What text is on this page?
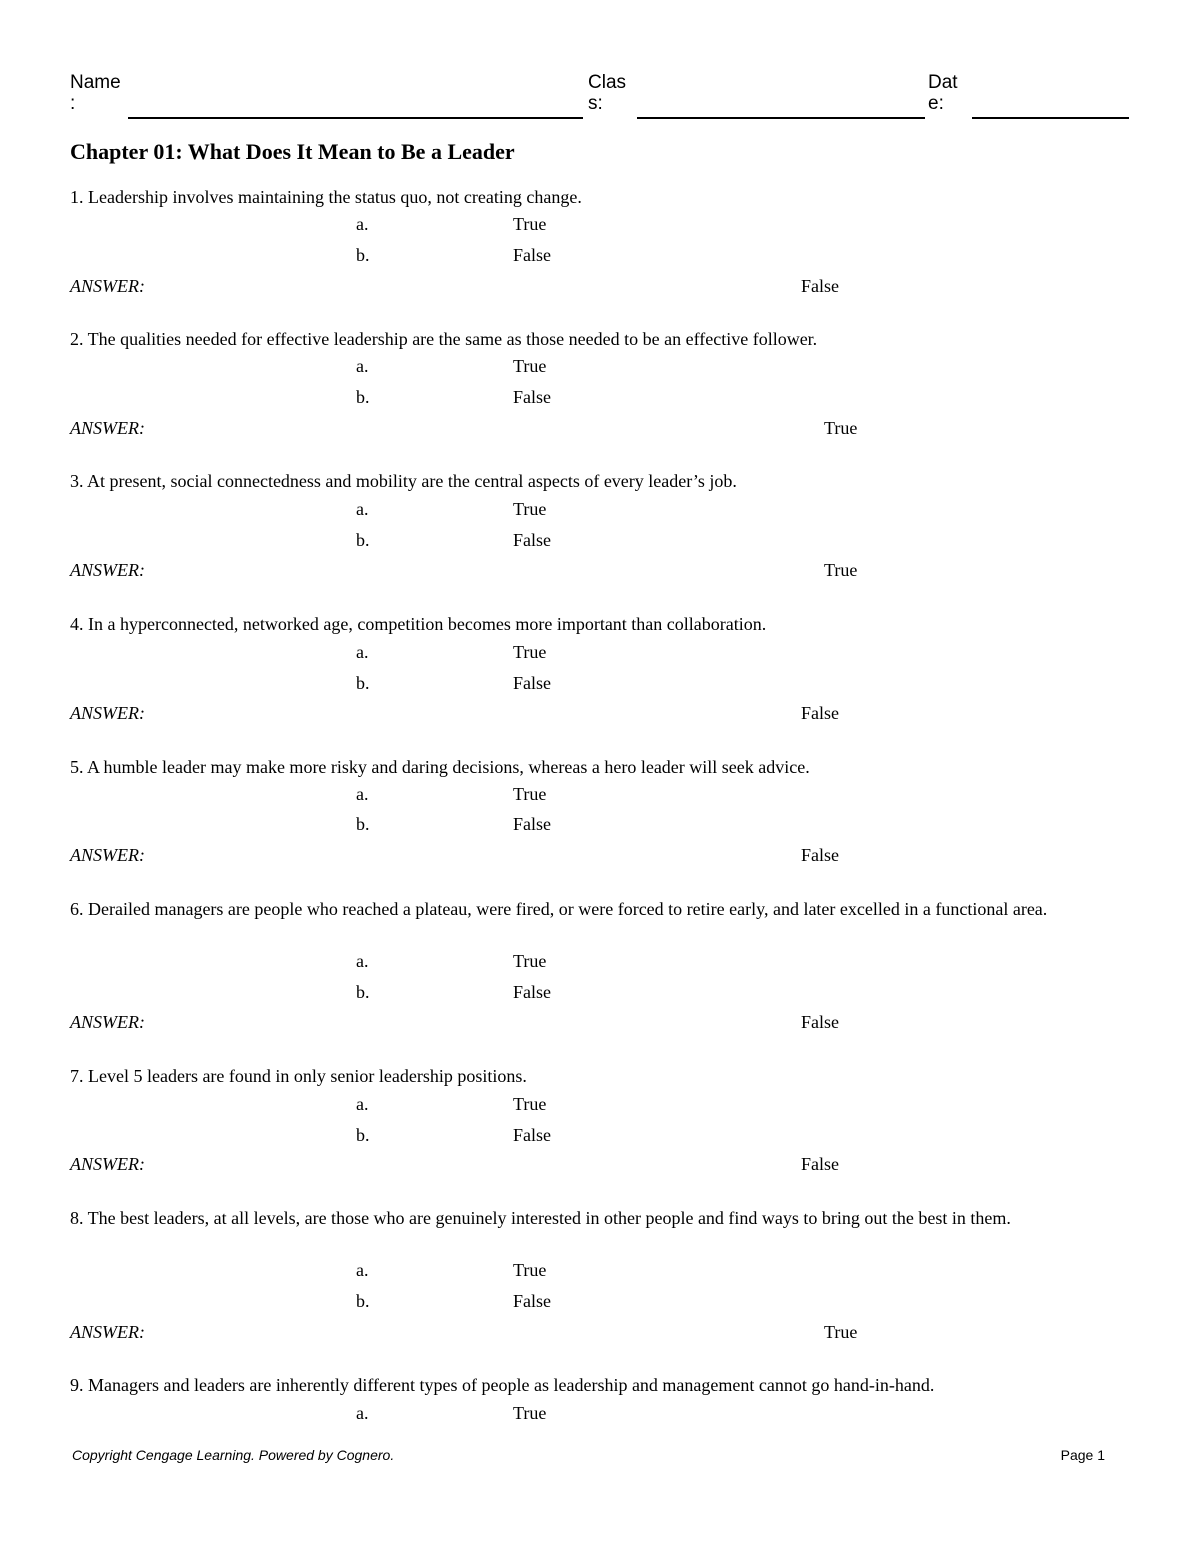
Name
:
Clas
s:
Dat
e:
Chapter 01: What Does It Mean to Be a Leader
1. Leadership involves maintaining the status quo, not creating change.
a.	True
b.	False
ANSWER:	False
2. The qualities needed for effective leadership are the same as those needed to be an effective follower.
a.	True
b.	False
ANSWER:	True
3. At present, social connectedness and mobility are the central aspects of every leader’s job.
a.	True
b.	False
ANSWER:	True
4. In a hyperconnected, networked age, competition becomes more important than collaboration.
a.	True
b.	False
ANSWER:	False
5. A humble leader may make more risky and daring decisions, whereas a hero leader will seek advice.
a.	True
b.	False
ANSWER:	False
6. Derailed managers are people who reached a plateau, were fired, or were forced to retire early, and later excelled in a functional area.
a.	True
b.	False
ANSWER:	False
7. Level 5 leaders are found in only senior leadership positions.
a.	True
b.	False
ANSWER:	False
8. The best leaders, at all levels, are those who are genuinely interested in other people and find ways to bring out the best in them.
a.	True
b.	False
ANSWER:	True
9. Managers and leaders are inherently different types of people as leadership and management cannot go hand-in-hand.
a.	True
Copyright Cengage Learning. Powered by Cognero.	Page 1
